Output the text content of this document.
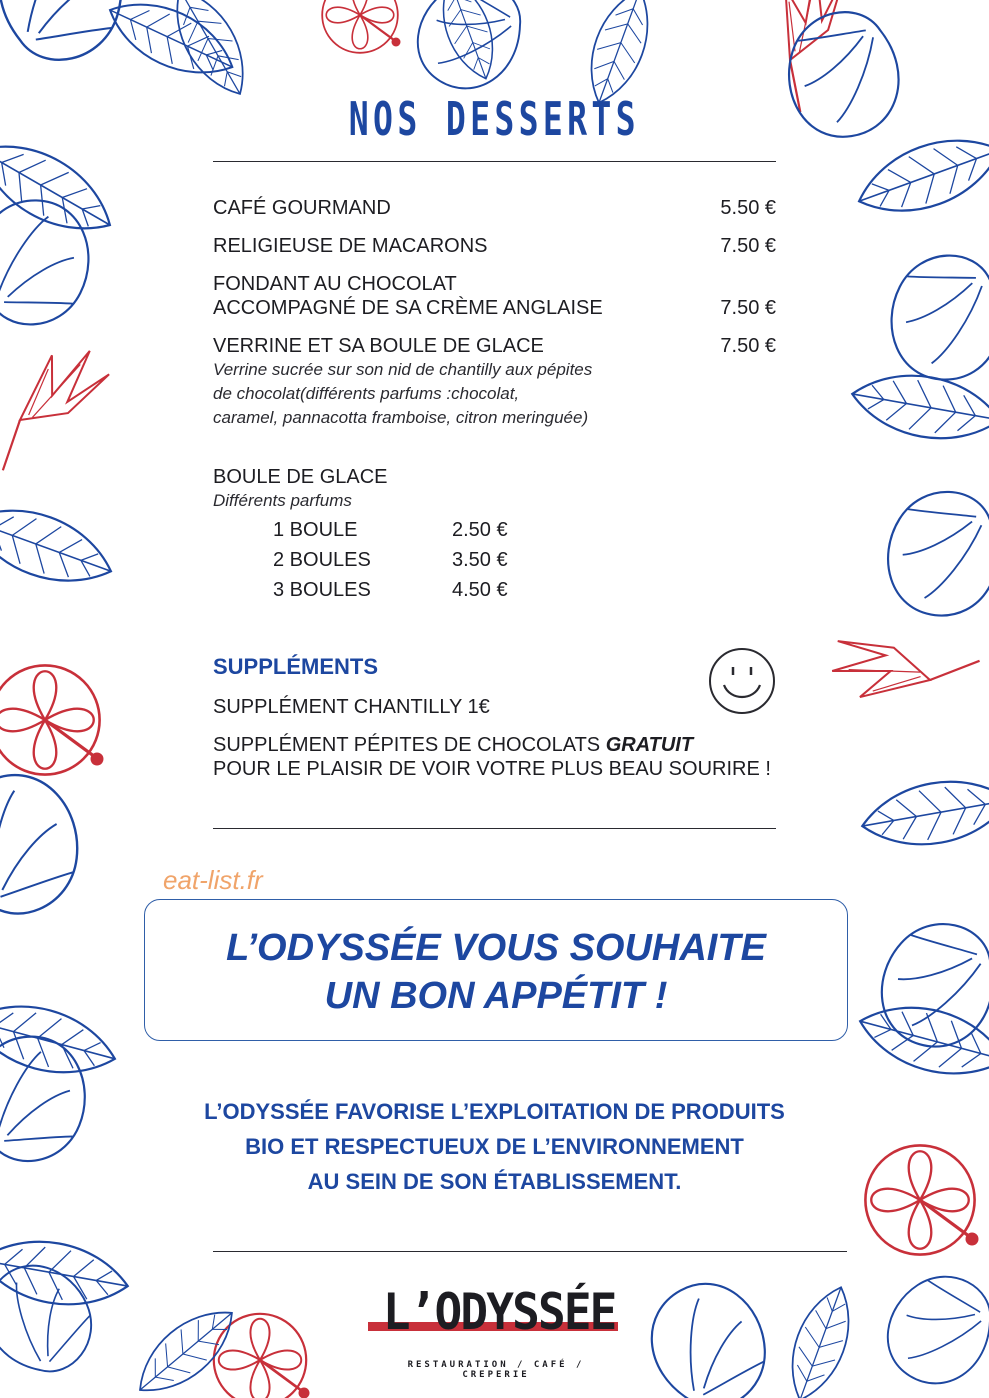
NOS DESSERTS
CAFÉ GOURMAND	5.50 €
RELIGIEUSE DE MACARONS	7.50 €
FONDANT AU CHOCOLAT
ACCOMPAGNÉ DE SA CRÈME ANGLAISE	7.50 €
VERRINE ET SA BOULE DE GLACE	7.50 €
Verrine sucrée sur son nid de chantilly aux pépites
de chocolat(différents parfums :chocolat,
caramel, pannacotta framboise, citron meringuée)
BOULE DE GLACE
Différents parfums
1 BOULE	2.50 €
2 BOULES	3.50 €
3 BOULES	4.50 €
SUPPLÉMENTS
SUPPLÉMENT CHANTILLY 1€
SUPPLÉMENT PÉPITES DE CHOCOLATS GRATUIT
POUR LE PLAISIR DE VOIR VOTRE PLUS BEAU SOURIRE !
eat-list.fr
L’ODYSSÉE VOUS SOUHAITE
UN BON APPÉTIT !
L’ODYSSÉE FAVORISE L’EXPLOITATION DE PRODUITS
BIO ET RESPECTUEUX DE L’ENVIRONNEMENT
AU SEIN DE SON ÉTABLISSEMENT.
L’ODYSSÉE
RESTAURATION / CAFÉ / CREPERIE
